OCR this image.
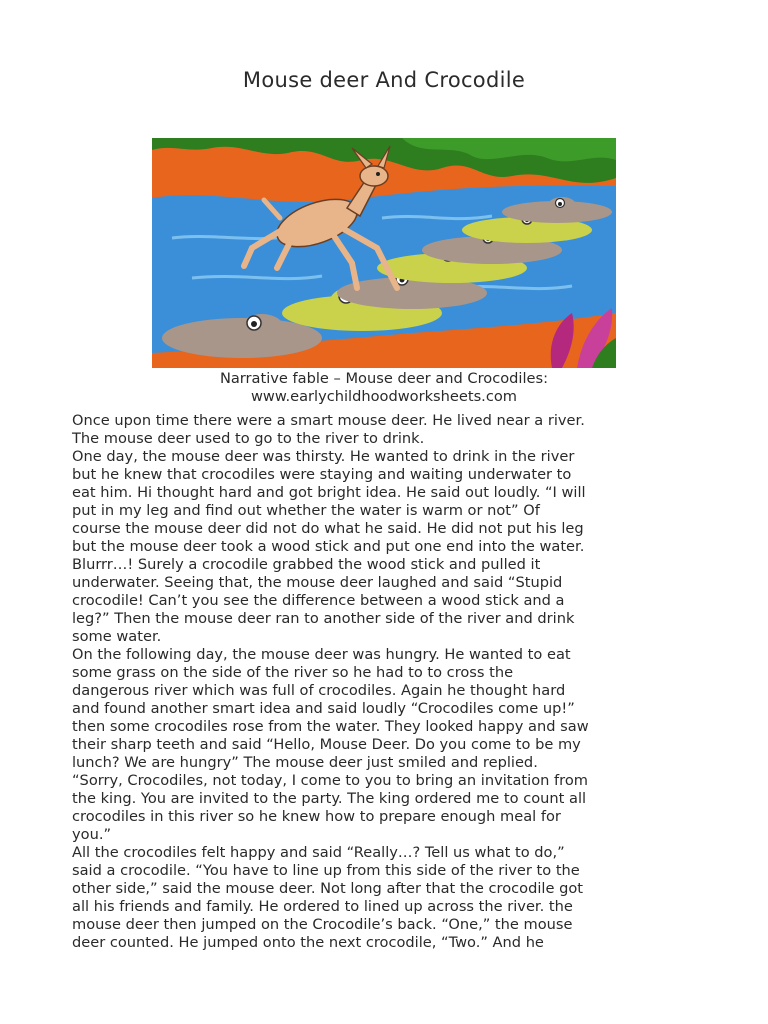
Mouse deer And Crocodile
Narrative fable – Mouse deer and Crocodiles:
www.earlychildhoodworksheets.com

Once upon time there were a smart mouse deer. He lived near a river.

The mouse deer used to go to the river to drink.

One day, the mouse deer was thirsty. He wanted to drink in the river

but he knew that crocodiles were staying and waiting underwater to

eat him. Hi thought hard and got bright idea. He said out loudly. “I will

put in my leg and find out whether the water is warm or not” Of

course the mouse deer did not do what he said. He did not put his leg

but the mouse deer took a wood stick and put one end into the water.

Blurrr…! Surely a crocodile grabbed the wood stick and pulled it

underwater. Seeing that, the mouse deer laughed and said “Stupid

crocodile! Can’t you see the difference between a wood stick and a

leg?” Then the mouse deer ran to another side of the river and drink

some water.

On the following day, the mouse deer was hungry. He wanted to eat

some grass on the side of the river so he had to to cross the

dangerous river which was full of crocodiles. Again he thought hard

and found another smart idea and said loudly “Crocodiles come up!”

then some crocodiles rose from the water. They looked happy and saw

their sharp teeth and said “Hello, Mouse Deer. Do you come to be my

lunch? We are hungry” The mouse deer just smiled and replied.

“Sorry, Crocodiles, not today, I come to you to bring an invitation from

the king. You are invited to the party. The king ordered me to count all

crocodiles in this river so he knew how to prepare enough meal for

you.”

All the crocodiles felt happy and said “Really…? Tell us what to do,”

said a crocodile. “You have to line up from this side of the river to the

other side,” said the mouse deer. Not long after that the crocodile got

all his friends and family. He ordered to lined up across the river. the

mouse deer then jumped on the Crocodile’s back. “One,” the mouse

deer counted. He jumped onto the next crocodile, “Two.” And he
